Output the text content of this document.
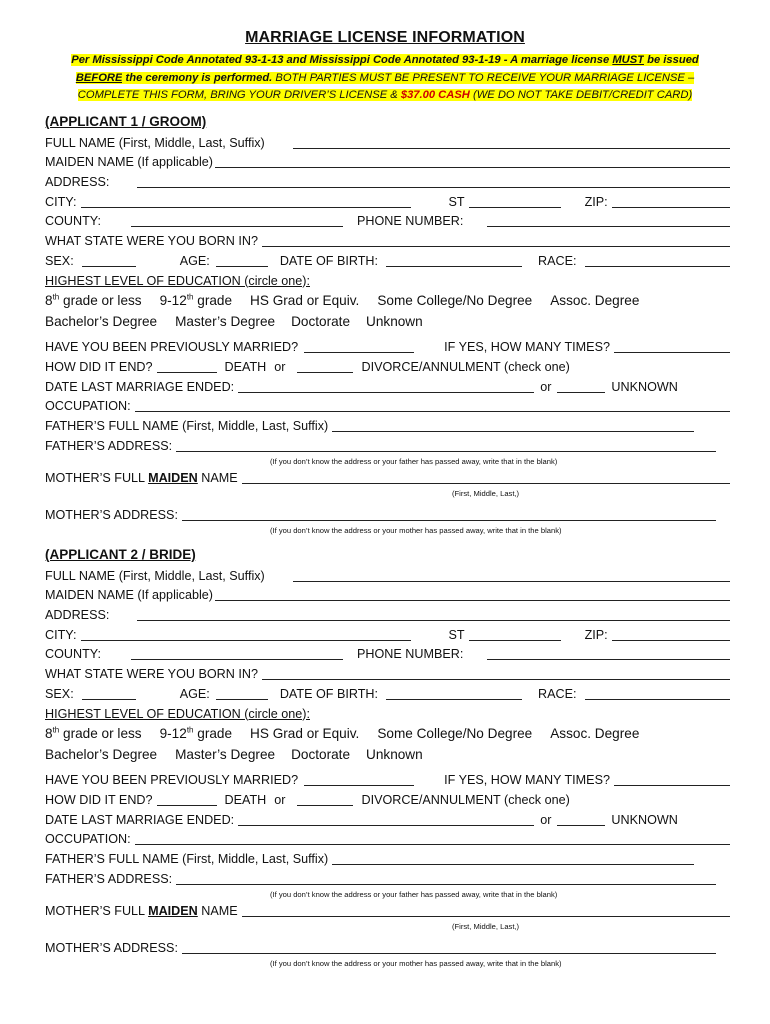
MARRIAGE LICENSE INFORMATION
Per Mississippi Code Annotated 93-1-13 and Mississippi Code Annotated 93-1-19 - A marriage license MUST be issued
BEFORE the ceremony is performed. BOTH PARTIES MUST BE PRESENT TO RECEIVE YOUR MARRIAGE LICENSE –
COMPLETE THIS FORM, BRING YOUR DRIVER’S LICENSE & $37.00 CASH (WE DO NOT TAKE DEBIT/CREDIT CARD)
(APPLICANT 1 / GROOM)
FULL NAME (First, Middle, Last, Suffix)
MAIDEN NAME (If applicable)
ADDRESS:
CITY:	ST	ZIP:
COUNTY:	PHONE NUMBER:
WHAT STATE WERE YOU BORN IN?
SEX:	AGE:	DATE OF BIRTH:	RACE:
HIGHEST LEVEL OF EDUCATION (circle one):
8th grade or less 9-12th grade HS Grad or Equiv. Some College/No Degree Assoc. Degree
Bachelor’s Degree Master’s Degree Doctorate Unknown
HAVE YOU BEEN PREVIOUSLY MARRIED?	IF YES, HOW MANY TIMES?
HOW DID IT END?	DEATH or	DIVORCE/ANNULMENT (check one)
DATE LAST MARRIAGE ENDED:	or	UNKNOWN
OCCUPATION:
FATHER’S FULL NAME (First, Middle, Last, Suffix)
FATHER’S ADDRESS:
(If you don’t know the address or your father has passed away, write that in the blank)
MOTHER’S FULL MAIDEN NAME
(First, Middle, Last,)
MOTHER’S ADDRESS:
(If you don’t know the address or your mother has passed away, write that in the blank)
(APPLICANT 2 / BRIDE)
FULL NAME (First, Middle, Last, Suffix)
MAIDEN NAME (If applicable)
ADDRESS:
CITY:	ST	ZIP:
COUNTY:	PHONE NUMBER:
WHAT STATE WERE YOU BORN IN?
SEX:	AGE:	DATE OF BIRTH:	RACE:
HIGHEST LEVEL OF EDUCATION (circle one):
8th grade or less 9-12th grade HS Grad or Equiv. Some College/No Degree Assoc. Degree
Bachelor’s Degree Master’s Degree Doctorate Unknown
HAVE YOU BEEN PREVIOUSLY MARRIED?	IF YES, HOW MANY TIMES?
HOW DID IT END?	DEATH or	DIVORCE/ANNULMENT (check one)
DATE LAST MARRIAGE ENDED:	or	UNKNOWN
OCCUPATION:
FATHER’S FULL NAME (First, Middle, Last, Suffix)
FATHER’S ADDRESS:
(If you don’t know the address or your father has passed away, write that in the blank)
MOTHER’S FULL MAIDEN NAME
(First, Middle, Last,)
MOTHER’S ADDRESS:
(If you don’t know the address or your mother has passed away, write that in the blank)
